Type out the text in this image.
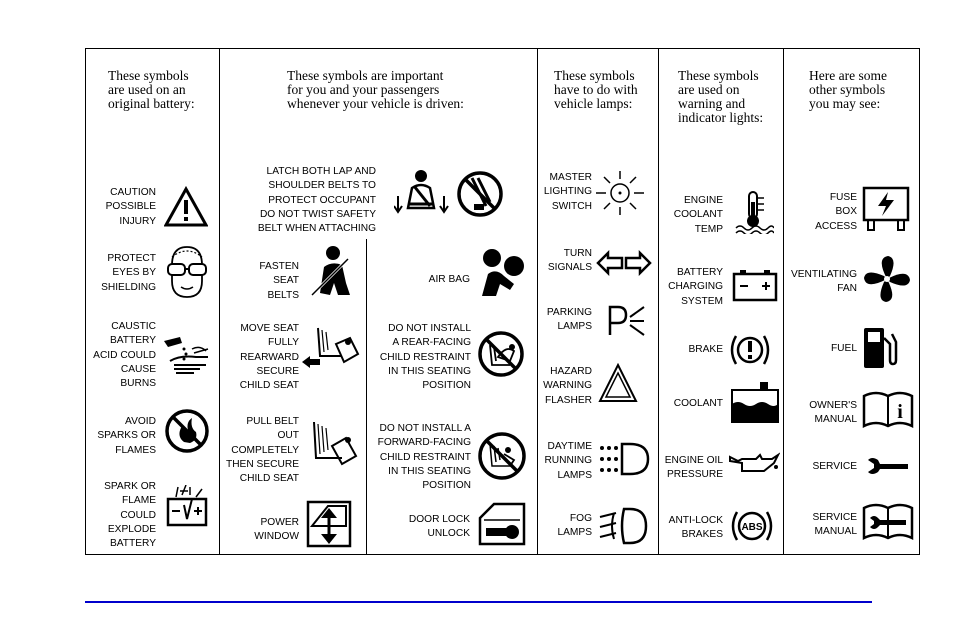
These symbols
are used on an
original battery:
These symbols are important
for you and your passengers
whenever your vehicle is driven:
These symbols
have to do with
vehicle lamps:
These symbols
are used on
warning and
indicator lights:
Here are some
other symbols
you may see:
CAUTION
POSSIBLE
INJURY
PROTECT
EYES BY
SHIELDING
CAUSTIC
BATTERY
ACID COULD
CAUSE
BURNS
AVOID
SPARKS OR
FLAMES
SPARK OR
FLAME
COULD
EXPLODE
BATTERY
LATCH BOTH LAP AND
SHOULDER BELTS TO
PROTECT OCCUPANT
DO NOT TWIST SAFETY
BELT WHEN ATTACHING
FASTEN
SEAT
BELTS
AIR BAG
MOVE SEAT
FULLY
REARWARD
SECURE
CHILD SEAT
DO NOT INSTALL
A REAR-FACING
CHILD RESTRAINT
IN THIS SEATING
POSITION
PULL BELT
OUT
COMPLETELY
THEN SECURE
CHILD SEAT
DO NOT INSTALL A
FORWARD-FACING
CHILD RESTRAINT
IN THIS SEATING
POSITION
POWER
WINDOW
DOOR LOCK
UNLOCK
MASTER
LIGHTING
SWITCH
TURN
SIGNALS
PARKING
LAMPS
HAZARD
WARNING
FLASHER
DAYTIME
RUNNING
LAMPS
FOG
LAMPS
ENGINE
COOLANT
TEMP
BATTERY
CHARGING
SYSTEM
BRAKE
COOLANT
ENGINE OIL
PRESSURE
ANTI-LOCK
BRAKES
ABS
FUSE
BOX
ACCESS
VENTILATING
FAN
FUEL
OWNER'S
MANUAL i
SERVICE
SERVICE
MANUAL
